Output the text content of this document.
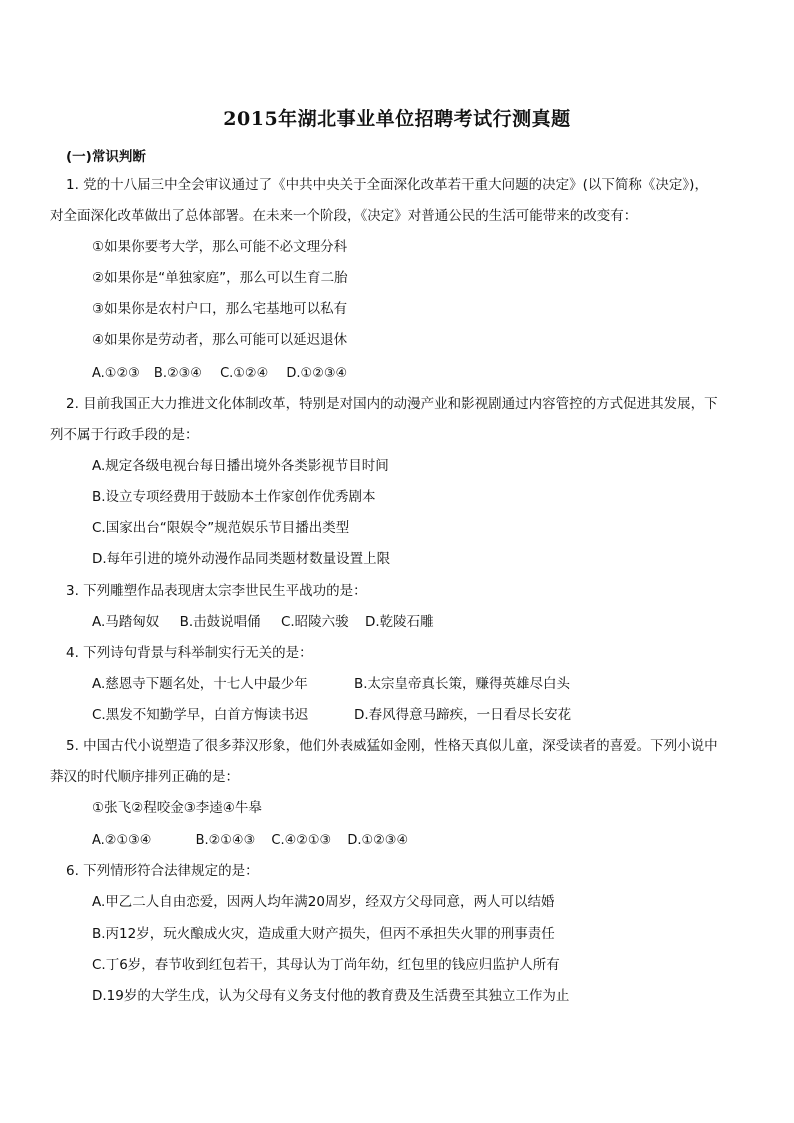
2015年湖北事业单位招聘考试行测真题
(一)常识判断
1. 党的十八届三中全会审议通过了《中共中央关于全面深化改革若干重大问题的决定》(以下简称《决定》)，
对全面深化改革做出了总体部署。在未来一个阶段，《决定》对普通公民的生活可能带来的改变有：
①如果你要考大学，那么可能不必文理分科
②如果你是“单独家庭”，那么可以生育二胎
③如果你是农村户口，那么宅基地可以私有
④如果你是劳动者，那么可能可以延迟退休
A.①②③ B.②③④ C.①②④ D.①②③④
2. 目前我国正大力推进文化体制改革，特别是对国内的动漫产业和影视剧通过内容管控的方式促进其发展，下
列不属于行政手段的是：
A.规定各级电视台每日播出境外各类影视节目时间
B.设立专项经费用于鼓励本土作家创作优秀剧本
C.国家出台“限娱令”规范娱乐节目播出类型
D.每年引进的境外动漫作品同类题材数量设置上限
3. 下列雕塑作品表现唐太宗李世民生平战功的是：
A.马踏匈奴 B.击鼓说唱俑 C.昭陵六骏 D.乾陵石雕
4. 下列诗句背景与科举制实行无关的是：
A.慈恩寺下题名处，十七人中最少年	B.太宗皇帝真长策，赚得英雄尽白头
C.黑发不知勤学早，白首方悔读书迟	D.春风得意马蹄疾，一日看尽长安花
5. 中国古代小说塑造了很多莽汉形象，他们外表威猛如金刚，性格天真似儿童，深受读者的喜爱。下列小说中
莽汉的时代顺序排列正确的是：
①张飞②程咬金③李逵④牛皋
A.②①③④	B.②①④③ C.④②①③ D.①②③④
6. 下列情形符合法律规定的是：
A.甲乙二人自由恋爱，因两人均年满20周岁，经双方父母同意，两人可以结婚
B.丙12岁，玩火酿成火灾，造成重大财产损失，但丙不承担失火罪的刑事责任
C.丁6岁，春节收到红包若干，其母认为丁尚年幼，红包里的钱应归监护人所有
D.19岁的大学生戊，认为父母有义务支付他的教育费及生活费至其独立工作为止
